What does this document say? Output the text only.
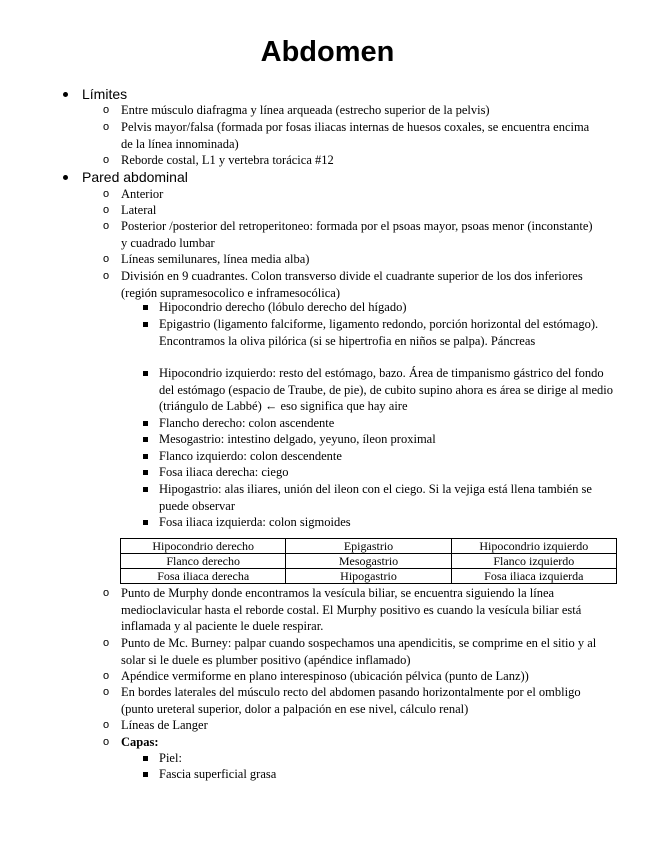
Abdomen
Límites
o Entre músculo diafragma y línea arqueada (estrecho superior de la pelvis)
o Pelvis mayor/falsa (formada por fosas iliacas internas de huesos coxales, se encuentra encima de la línea innominada)
o Reborde costal, L1 y vertebra torácica #12
Pared abdominal
o Anterior
o Lateral
o Posterior /posterior del retroperitoneo: formada por el psoas mayor, psoas menor (inconstante) y cuadrado lumbar
o Líneas semilunares, línea media alba)
o División en 9 cuadrantes. Colon transverso divide el cuadrante superior de los dos inferiores (región supramesocolico e inframesocólica)
Hipocondrio derecho (lóbulo derecho del hígado)
Epigastrio (ligamento falciforme, ligamento redondo, porción horizontal del estómago). Encontramos la oliva pilórica (si se hipertrofia en niños se palpa). Páncreas
Hipocondrio izquierdo: resto del estómago, bazo. Área de timpanismo gástrico del fondo del estómago (espacio de Traube, de pie), de cubito supino ahora es área se dirige al medio (triángulo de Labbé) ← eso significa que hay aire
Flancho derecho: colon ascendente
Mesogastrio: intestino delgado, yeyuno, íleon proximal
Flanco izquierdo: colon descendente
Fosa iliaca derecha: ciego
Hipogastrio: alas iliares, unión del ileon con el ciego. Si la vejiga está llena también se puede observar
Fosa iliaca izquierda: colon sigmoides
Hipocondrio derecho	Epigastrio	Hipocondrio izquierdo
Flanco derecho	Mesogastrio	Flanco izquierdo
Fosa iliaca derecha	Hipogastrio	Fosa iliaca izquierda
o Punto de Murphy donde encontramos la vesícula biliar, se encuentra siguiendo la línea medioclavicular hasta el reborde costal. El Murphy positivo es cuando la vesícula biliar está inflamada y al paciente le duele respirar.
o Punto de Mc. Burney: palpar cuando sospechamos una apendicitis, se comprime en el sitio y al solar si le duele es plumber positivo (apéndice inflamado)
o Apéndice vermiforme en plano interespinoso (ubicación pélvica (punto de Lanz))
o En bordes laterales del músculo recto del abdomen pasando horizontalmente por el ombligo (punto ureteral superior, dolor a palpación en ese nivel, cálculo renal)
o Líneas de Langer
o Capas:
Piel:
Fascia superficial grasa
